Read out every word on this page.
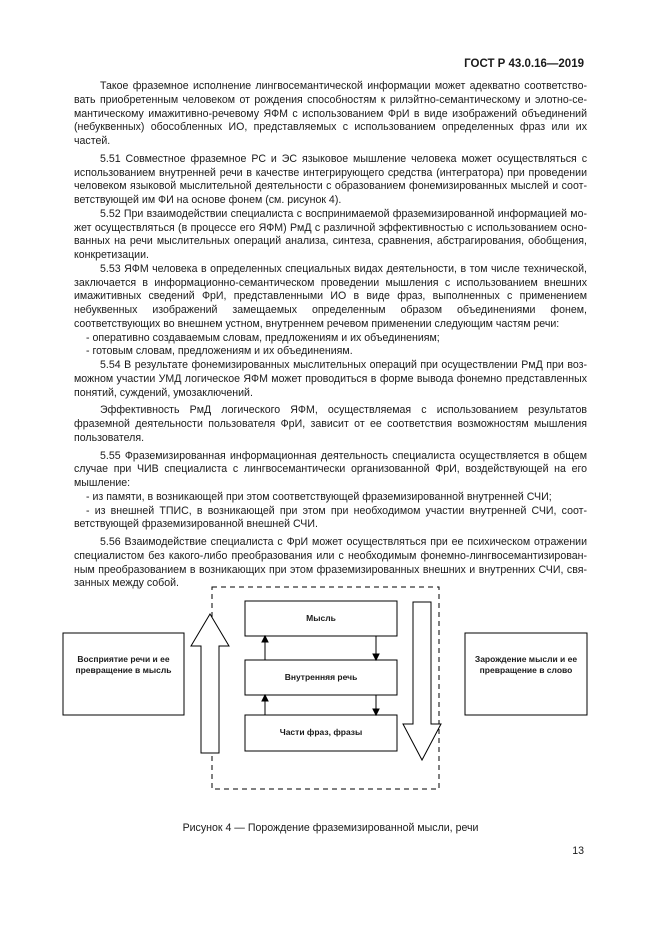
ГОСТ Р 43.0.16—2019

Такое фраземное исполнение лингвосемантической информации может адекватно соответствовать приобретенным человеком от рождения способностям к рилэйтно-семантическому и элотно-семантическому имажитивно-речевому ЯФМ с использованием ФрИ в виде изображений объединений (небуквенных) обособленных ИО, представляемых с использованием определенных фраз или их частей.

5.51 Совместное фраземное РС и ЭС языковое мышление человека может осуществляться с использованием внутренней речи в качестве интегрирующего средства (интегратора) при проведении человеком языковой мыслительной деятельности с образованием фонемизированных мыслей и соответствующей им ФИ на основе фонем (см. рисунок 4).

5.52 При взаимодействии специалиста с воспринимаемой фраземизированной информацией может осуществляться (в процессе его ЯФМ) РмД с различной эффективностью с использованием основанных на речи мыслительных операций анализа, синтеза, сравнения, абстрагирования, обобщения, конкретизации.

5.53 ЯФМ человека в определенных специальных видах деятельности, в том числе технической, заключается в информационно-семантическом проведении мышления с использованием внешних имажитивных сведений ФрИ, представленными ИО в виде фраз, выполненных с применением небуквенных изображений замещаемых определенным образом объединениями фонем, соответствующих во внешнем устном, внутреннем речевом применении следующим частям речи:

- оперативно создаваемым словам, предложениям и их объединениям;

- готовым словам, предложениям и их объединениям.

5.54 В результате фонемизированных мыслительных операций при осуществлении РмД при возможном участии УМД логическое ЯФМ может проводиться в форме вывода фонемно представленных понятий, суждений, умозаключений.

Эффективность РмД логического ЯФМ, осуществляемая с использованием результатов фраземной деятельности пользователя ФрИ, зависит от ее соответствия возможностям мышления пользователя.

5.55 Фраземизированная информационная деятельность специалиста осуществляется в общем случае при ЧИВ специалиста с лингвосемантически организованной ФрИ, воздействующей на его мышление:

- из памяти, в возникающей при этом соответствующей фраземизированной внутренней СЧИ;

- из внешней ТПИС, в возникающей при этом при необходимом участии внутренней СЧИ, соответствующей фраземизированной внешней СЧИ.

5.56 Взаимодействие специалиста с ФрИ может осуществляться при ее психическом отражении специалистом без какого-либо преобразования или с необходимым фонемно-лингвосемантизированным преобразованием в возникающих при этом фраземизированных внешних и внутренних СЧИ, связанных между собой.

Восприятие речи и ее превращение в мысль
Зарождение мысли и ее превращение в слово
Мысль
Внутренняя речь
Части фраз, фразы
Рисунок 4 — Порождение фраземизированной мысли, речи
13
